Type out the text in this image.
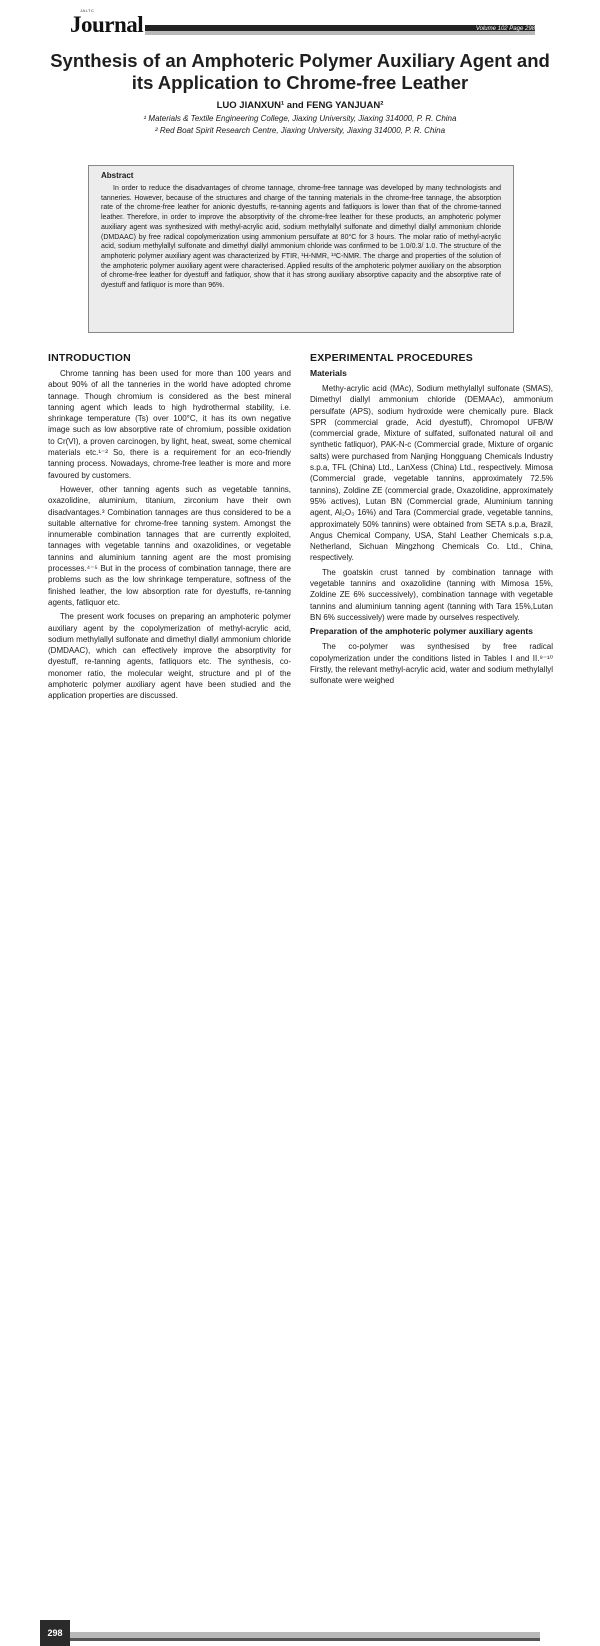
JALTC
Journal	Volume 102 Page 298
Synthesis of an Amphoteric Polymer Auxiliary Agent and its Application to Chrome-free Leather
LUO JIANXUN¹ and FENG YANJUAN²
¹ Materials & Textile Engineering College, Jiaxing University, Jiaxing 314000, P. R. China
² Red Boat Spirit Research Centre, Jiaxing University, Jiaxing 314000, P. R. China
Abstract

In order to reduce the disadvantages of chrome tannage, chrome-free tannage was developed by many technologists and tanneries. However, because of the structures and charge of the tanning materials in the chrome-free tannage, the absorption rate of the chrome-free leather for anionic dyestuffs, re-tanning agents and fatliquors is lower than that of the chrome-tanned leather. Therefore, in order to improve the absorptivity of the chrome-free leather for these products, an amphoteric polymer auxiliary agent was synthesized with methyl-acrylic acid, sodium methylallyl sulfonate and dimethyl diallyl ammonium chloride (DMDAAC) by free radical copolymerization using ammonium persulfate at 80°C for 3 hours. The molar ratio of methyl-acrylic acid, sodium methylallyl sulfonate and dimethyl diallyl ammonium chloride was confirmed to be 1.0/0.3/ 1.0. The structure of the amphoteric polymer auxiliary agent was characterized by FTIR, ¹H-NMR, ¹³C-NMR. The charge and properties of the solution of the amphoteric polymer auxiliary agent were characterised. Applied results of the amphoteric polymer auxiliary on the absorption of chrome-free leather for dyestuff and fatliquor, show that it has strong auxiliary absorptive capacity and the absorptive rate of dyestuff and fatliquor is more than 96%.

INTRODUCTION

Chrome tanning has been used for more than 100 years and about 90% of all the tanneries in the world have adopted chrome tannage. Though chromium is considered as the best mineral tanning agent which leads to high hydrothermal stability, i.e. shrinkage temperature (Ts) over 100°C, it has its own negative image such as low absorptive rate of chromium, possible oxidation to Cr(VI), a proven carcinogen, by light, heat, sweat, some chemical materials etc.¹⁻² So, there is a requirement for an eco-friendly tanning process. Nowadays, chrome-free leather is more and more favoured by customers.

However, other tanning agents such as vegetable tannins, oxazolidine, aluminium, titanium, zirconium have their own disadvantages.³ Combination tannages are thus considered to be a suitable alternative for chrome-free tanning system. Amongst the innumerable combination tannages that are currently exploited, tannages with vegetable tannins and oxazolidines, or vegetable tannins and aluminium tanning agent are the most promising processes.⁴⁻⁵ But in the process of combination tannage, there are problems such as the low shrinkage temperature, softness of the finished leather, the low absorption rate for dyestuffs, re-tanning agents, fatliquor etc.

The present work focuses on preparing an amphoteric polymer auxiliary agent by the copolymerization of methyl-acrylic acid, sodium methylallyl sulfonate and dimethyl diallyl ammonium chloride (DMDAAC), which can effectively improve the absorptivity for dyestuff, re-tanning agents, fatliquors etc. The synthesis, co-monomer ratio, the molecular weight, structure and pI of the amphoteric polymer auxiliary agent have been studied and the application properties are discussed.

EXPERIMENTAL PROCEDURES
Materials

Methy-acrylic acid (MAc), Sodium methylallyl sulfonate (SMAS), Dimethyl diallyl ammonium chloride (DEMAAc), ammonium persulfate (APS), sodium hydroxide were chemically pure. Black SPR (commercial grade, Acid dyestuff), Chromopol UFB/W (commercial grade, Mixture of sulfated, sulfonated natural oil and synthetic fatliquor), PAK-N-c (Commercial grade, Mixture of organic salts) were purchased from Nanjing Hongguang Chemicals Industry s.p.a, TFL (China) Ltd., LanXess (China) Ltd., respectively. Mimosa (Commercial grade, vegetable tannins, approximately 72.5% tannins), Zoldine ZE (commercial grade, Oxazolidine, approximately 95% actives), Lutan BN (Commercial grade, Aluminium tanning agent, Al₂O₃ 16%) and Tara (Commercial grade, vegetable tannins, approximately 50% tannins) were obtained from SETA s.p.a, Brazil, Angus Chemical Company, USA, Stahl Leather Chemicals s.p.a, Netherland, Sichuan Mingzhong Chemicals Co. Ltd., China, respectively.

The goatskin crust tanned by combination tannage with vegetable tannins and oxazolidine (tanning with Mimosa 15%, Zoldine ZE 6% successively), combination tannage with vegetable tannins and aluminium tanning agent (tanning with Tara 15%,Lutan BN 6% successively) were made by ourselves respectively.

Preparation of the amphoteric polymer auxiliary agents

The co-polymer was synthesised by free radical copolymerization under the conditions listed in Tables I and II.⁹⁻¹⁰ Firstly, the relevant methyl-acrylic acid, water and sodium methylallyl sulfonate were weighed

298
